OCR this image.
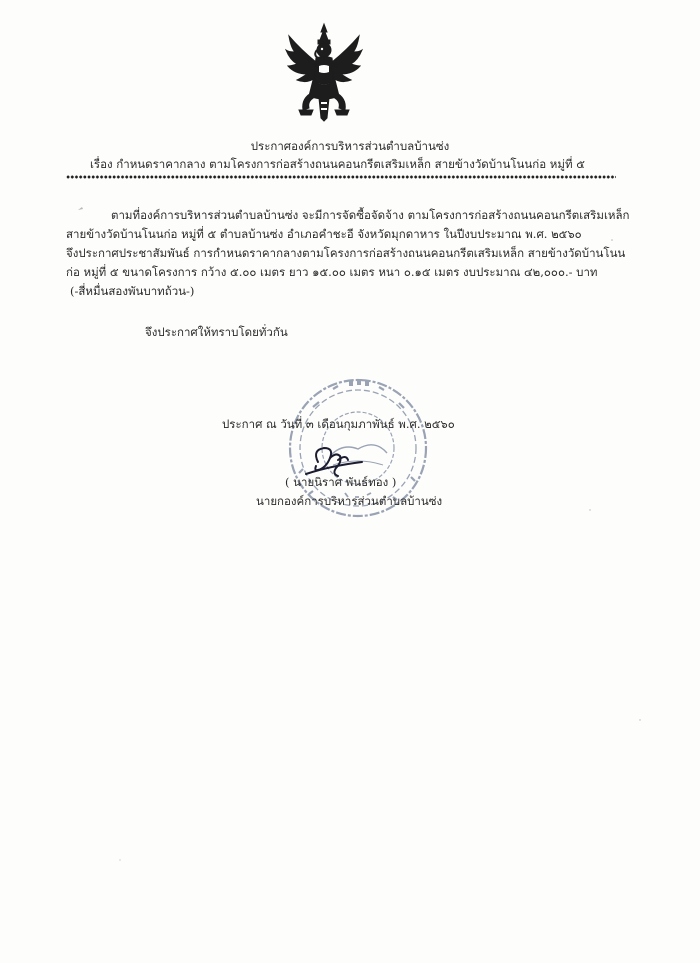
ประกาศองค์การบริหารส่วนตำบลบ้านซ่ง
เรื่อง กำหนดราคากลาง ตามโครงการก่อสร้างถนนคอนกรีตเสริมเหล็ก สายข้างวัดบ้านโนนก่อ หมู่ที่ ๕
ตามที่องค์การบริหารส่วนตำบลบ้านซ่ง จะมีการจัดซื้อจัดจ้าง ตามโครงการก่อสร้างถนนคอนกรีตเสริมเหล็ก
สายข้างวัดบ้านโนนก่อ หมู่ที่ ๕ ตำบลบ้านซ่ง อำเภอคำชะอี จังหวัดมุกดาหาร ในปีงบประมาณ พ.ศ. ๒๕๖๐
จึงประกาศประชาสัมพันธ์ การกำหนดราคากลางตามโครงการก่อสร้างถนนคอนกรีตเสริมเหล็ก สายข้างวัดบ้านโนน
ก่อ หมู่ที่ ๕ ขนาดโครงการ กว้าง ๕.๐๐ เมตร ยาว ๑๕.๐๐ เมตร หนา ๐.๑๕ เมตร งบประมาณ ๔๒,๐๐๐.- บาท
(-สี่หมื่นสองพันบาทถ้วน-)
จึงประกาศให้ทราบโดยทั่วกัน
ประกาศ ณ วันที่ ๓ เดือนกุมภาพันธ์ พ.ศ. ๒๕๖๐
( นายนิราศ พันธ์ทอง )
นายกองค์การบริหารส่วนตำบลบ้านซ่ง
